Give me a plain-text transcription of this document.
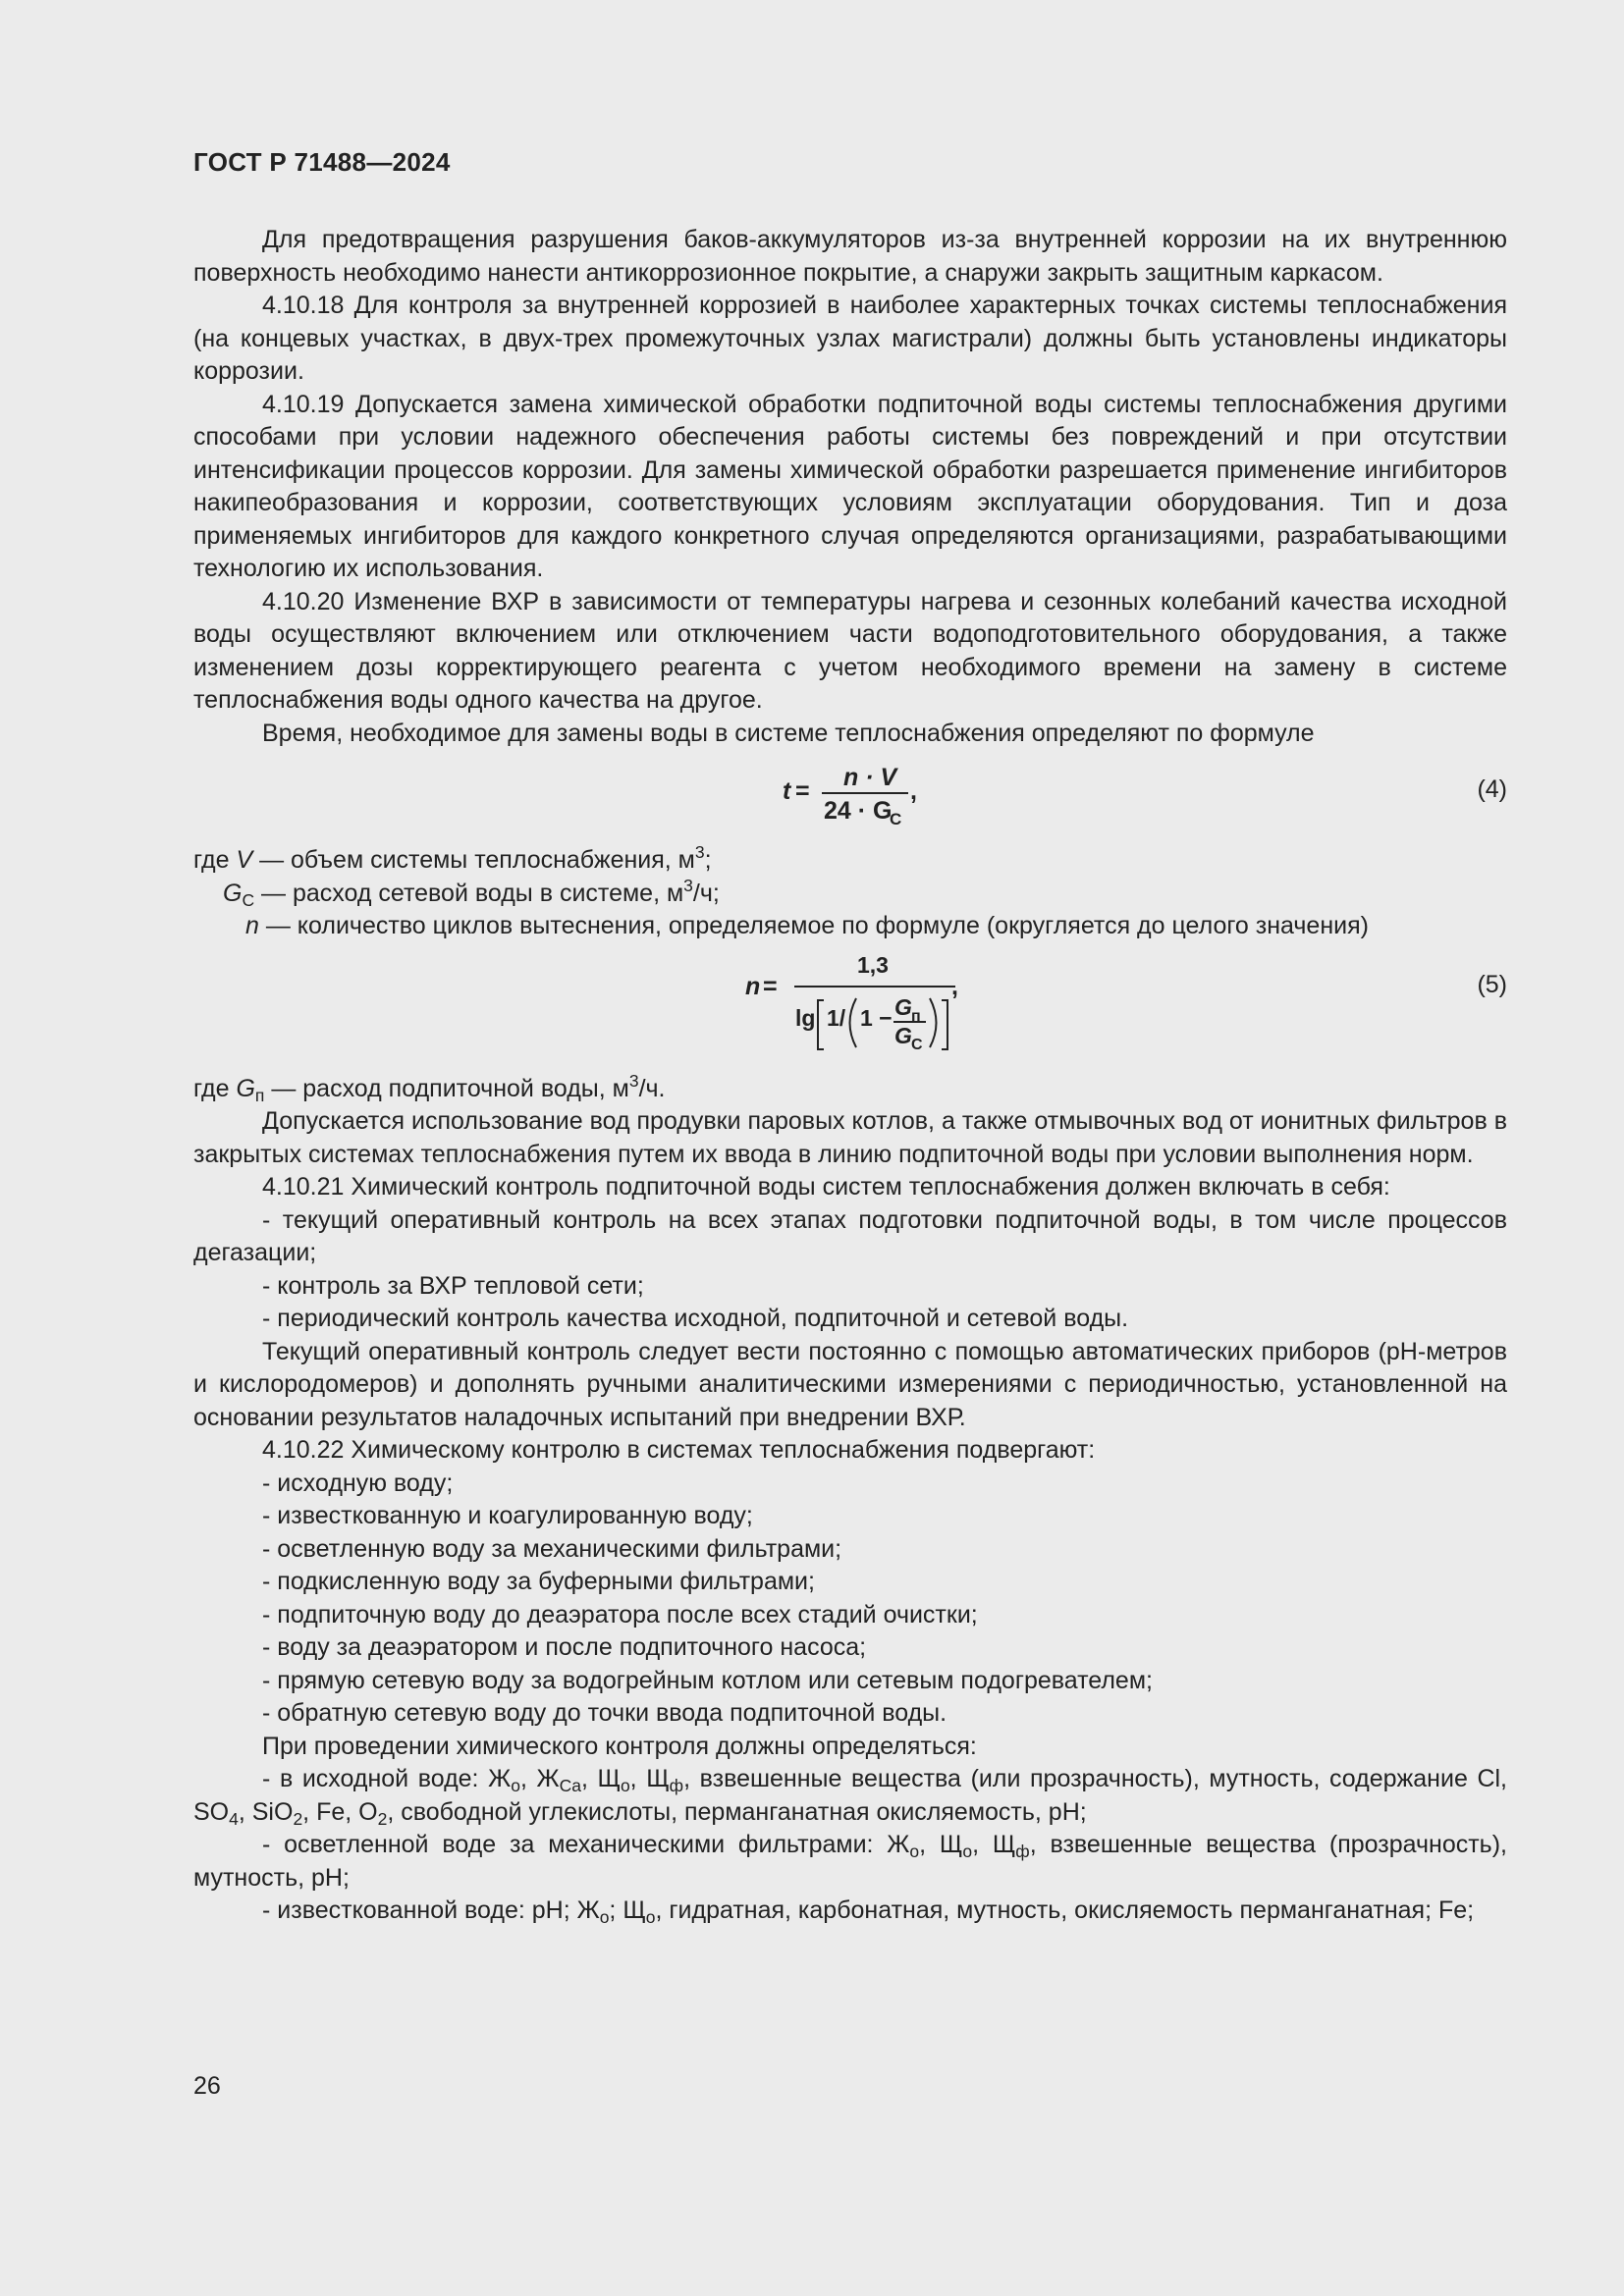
ГОСТ Р 71488—2024

Для предотвращения разрушения баков-аккумуляторов из-за внутренней коррозии на их внутреннюю поверхность необходимо нанести антикоррозионное покрытие, а снаружи закрыть защитным каркасом.

4.10.18 Для контроля за внутренней коррозией в наиболее характерных точках системы теплоснабжения (на концевых участках, в двух-трех промежуточных узлах магистрали) должны быть установлены индикаторы коррозии.

4.10.19 Допускается замена химической обработки подпиточной воды системы теплоснабжения другими способами при условии надежного обеспечения работы системы без повреждений и при отсутствии интенсификации процессов коррозии. Для замены химической обработки разрешается применение ингибиторов накипеобразования и коррозии, соответствующих условиям эксплуатации оборудования. Тип и доза применяемых ингибиторов для каждого конкретного случая определяются организациями, разрабатывающими технологию их использования.

4.10.20 Изменение ВХР в зависимости от температуры нагрева и сезонных колебаний качества исходной воды осуществляют включением или отключением части водоподготовительного оборудования, а также изменением дозы корректирующего реагента с учетом необходимого времени на замену в системе теплоснабжения воды одного качества на другое.

Время, необходимое для замены воды в системе теплоснабжения определяют по формуле

t = n · V
24 · G
C
,	(4)

где V — объем системы теплоснабжения, $м^3$;

$G_C$ — расход сетевой воды в системе, $м^3/ч$;

n — количество циклов вытеснения, определяемое по формуле (округляется до целого значения)

n =
1,3
lg 1/ 1 − G п
G C
,	(5)

где $G_п$ — расход подпиточной воды, $м^3/ч$.

Допускается использование вод продувки паровых котлов, а также отмывочных вод от ионитных фильтров в закрытых системах теплоснабжения путем их ввода в линию подпиточной воды при условии выполнения норм.

4.10.21 Химический контроль подпиточной воды систем теплоснабжения должен включать в себя:

- текущий оперативный контроль на всех этапах подготовки подпиточной воды, в том числе процессов дегазации;

- контроль за ВХР тепловой сети;

- периодический контроль качества исходной, подпиточной и сетевой воды.

Текущий оперативный контроль следует вести постоянно с помощью автоматических приборов (pH-метров и кислородомеров) и дополнять ручными аналитическими измерениями с периодичностью, установленной на основании результатов наладочных испытаний при внедрении ВХР.

4.10.22 Химическому контролю в системах теплоснабжения подвергают:

- исходную воду;

- известкованную и коагулированную воду;

- осветленную воду за механическими фильтрами;

- подкисленную воду за буферными фильтрами;

- подпиточную воду до деаэратора после всех стадий очистки;

- воду за деаэратором и после подпиточного насоса;

- прямую сетевую воду за водогрейным котлом или сетевым подогревателем;

- обратную сетевую воду до точки ввода подпиточной воды.

При проведении химического контроля должны определяться:

- в исходной воде: $Ж_о$, $Ж_{Ca}$, $Щ_о$, $Щ_ф$, взвешенные вещества (или прозрачность), мутность, содержание Cl, $SO_4$, SiO$_2$, Fe, $O_2$, свободной углекислоты, перманганатная окисляемость, pH;

- осветленной воде за механическими фильтрами: $Ж_о$, $Щ_о$, $Щ_ф$, взвешенные вещества (прозрачность), мутность, pH;

- известкованной воде: pH; $Ж_о$; $Щ_о$, гидратная, карбонатная, мутность, окисляемость перманганатная; Fe;

26
